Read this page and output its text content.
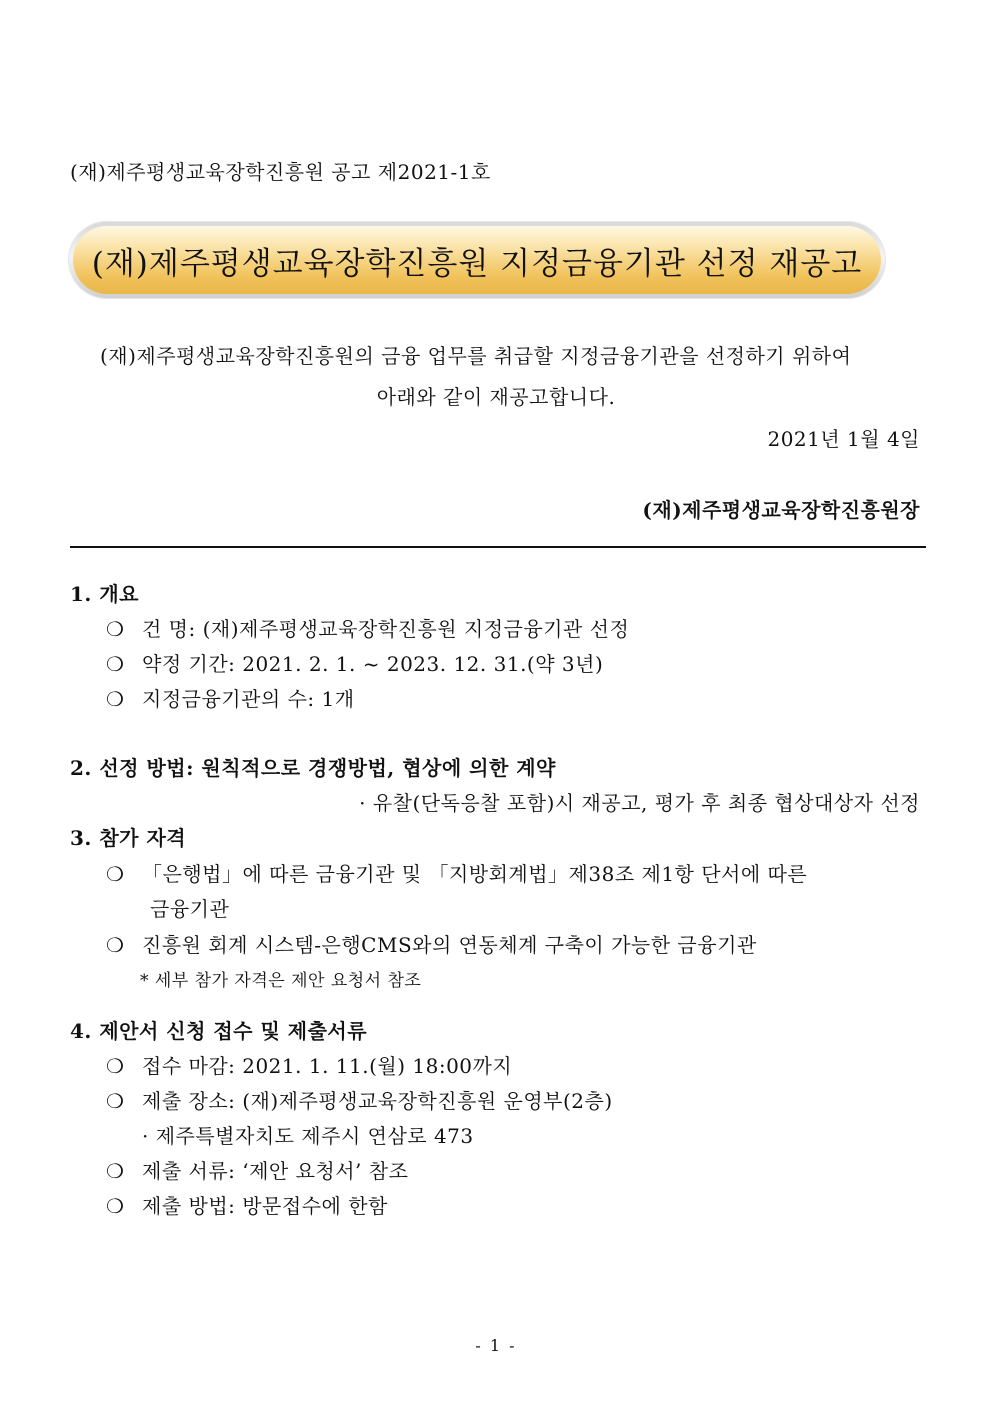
(재)제주평생교육장학진흥원 공고 제2021-1호
(재)제주평생교육장학진흥원 지정금융기관 선정 재공고
(재)제주평생교육장학진흥원의 금융 업무를 취급할 지정금융기관을 선정하기 위하여
아래와 같이 재공고합니다.
2021년 1월 4일
(재)제주평생교육장학진흥원장
1. 개요
❍ 건 명: (재)제주평생교육장학진흥원 지정금융기관 선정
❍ 약정 기간: 2021. 2. 1. ~ 2023. 12. 31.(약 3년)
❍ 지정금융기관의 수: 1개
2. 선정 방법: 원칙적으로 경쟁방법, 협상에 의한 계약
· 유찰(단독응찰 포함)시 재공고, 평가 후 최종 협상대상자 선정
3. 참가 자격
❍ 「은행법」에 따른 금융기관 및 「지방회계법」제38조 제1항 단서에 따른
금융기관
❍ 진흥원 회계 시스템-은행CMS와의 연동체계 구축이 가능한 금융기관
* 세부 참가 자격은 제안 요청서 참조
4. 제안서 신청 접수 및 제출서류
❍ 접수 마감: 2021. 1. 11.(월) 18:00까지
❍ 제출 장소: (재)제주평생교육장학진흥원 운영부(2층)
· 제주특별자치도 제주시 연삼로 473
❍ 제출 서류: ‘제안 요청서’ 참조
❍ 제출 방법: 방문접수에 한함
- 1 -
